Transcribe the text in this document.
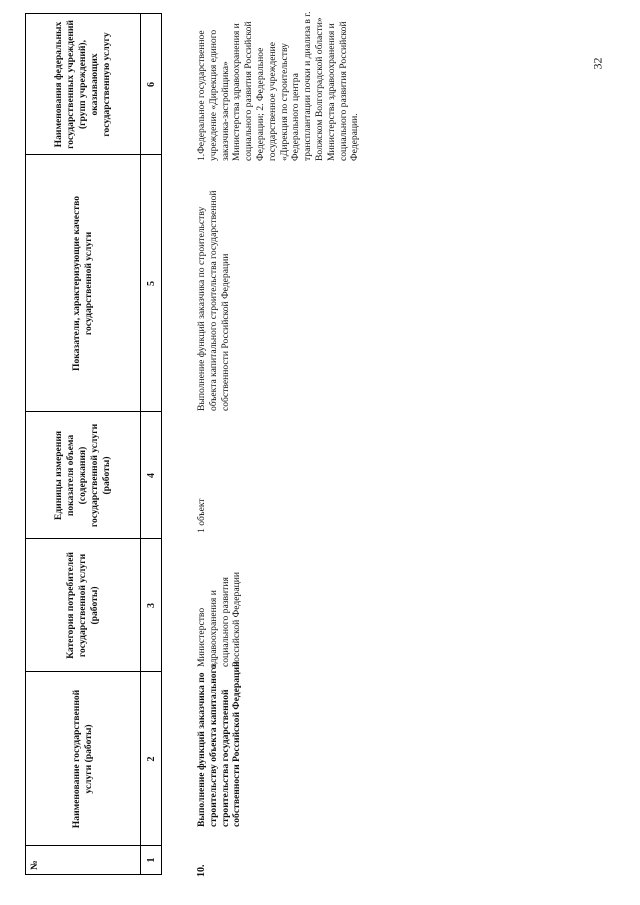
№
Наименование государственной услуги (работы)
Категория потребителей государственной услуги (работы)
Единицы измерения показателя объема (содержания) государственной услуги (работы)
Показатели, характеризующие качество государственной услуги
Наименования федеральных государственных учреждений (групп учреждений), оказывающих государственную услугу
1
2
3
4
5
6
10.
Выполнение функций заказчика по строительству объекта капитального строительства государственной собственности Российской Федерации
Министерство здравоохранения и социального развития Российской Федерации
1 объект
Выполнение функций заказчика по строительству объекта капитального строительства государственной собственности Российской Федерации
1.Федеральное государственное учреждение «Дирекция единого заказчика-застройщика» Министерства здравоохранения и социального развития Российской Федерации; 2. Федеральное государственное учреждение «Дирекция по строительству Федерального центра трансплантации почки и диализа в г. Волжском Волгоградской области» Министерства здравоохранения и социального развития Российской Федерации.
32
